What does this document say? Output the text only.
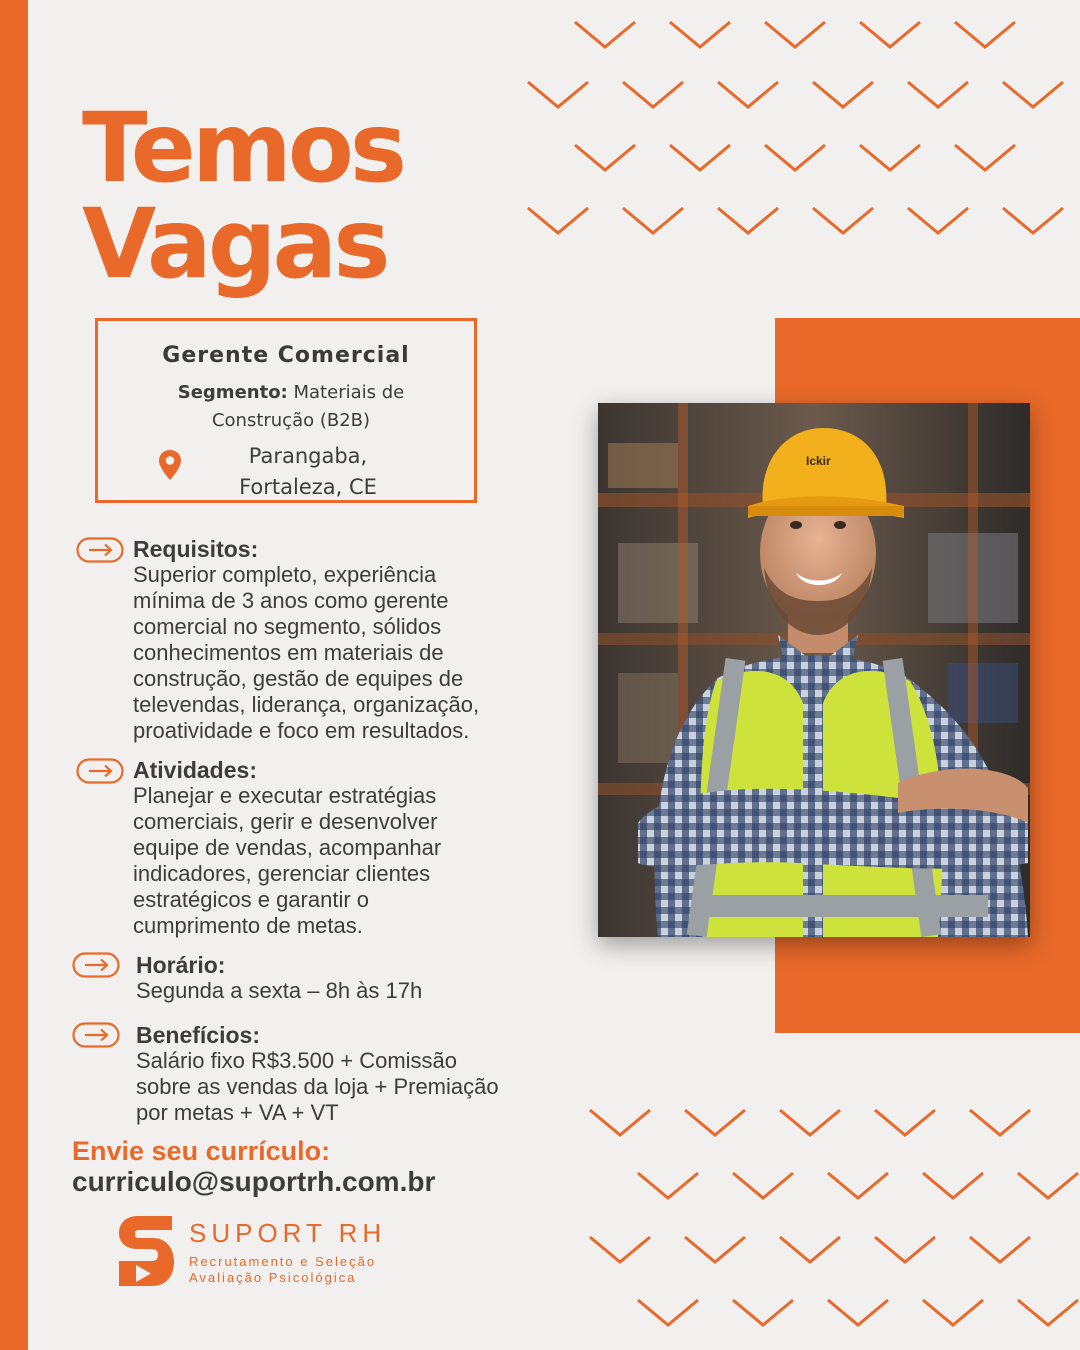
Temos
Vagas
Gerente Comercial
Segmento: Materiais de
Construção (B2B)
Parangaba,
Fortaleza, CE
Requisitos:
Superior completo, experiência
mínima de 3 anos como gerente
comercial no segmento, sólidos
conhecimentos em materiais de
construção, gestão de equipes de
televendas, liderança, organização,
proatividade e foco em resultados.
Atividades:
Planejar e executar estratégias
comerciais, gerir e desenvolver
equipe de vendas, acompanhar
indicadores, gerenciar clientes
estratégicos e garantir o
cumprimento de metas.
Horário:
Segunda a sexta – 8h às 17h
Benefícios:
Salário fixo R$3.500 + Comissão
sobre as vendas da loja + Premiação
por metas + VA + VT
Envie seu currículo:
curriculo@suportrh.com.br
SUPORT RH
Recrutamento e Seleção
Avaliação Psicológica
Ickir
